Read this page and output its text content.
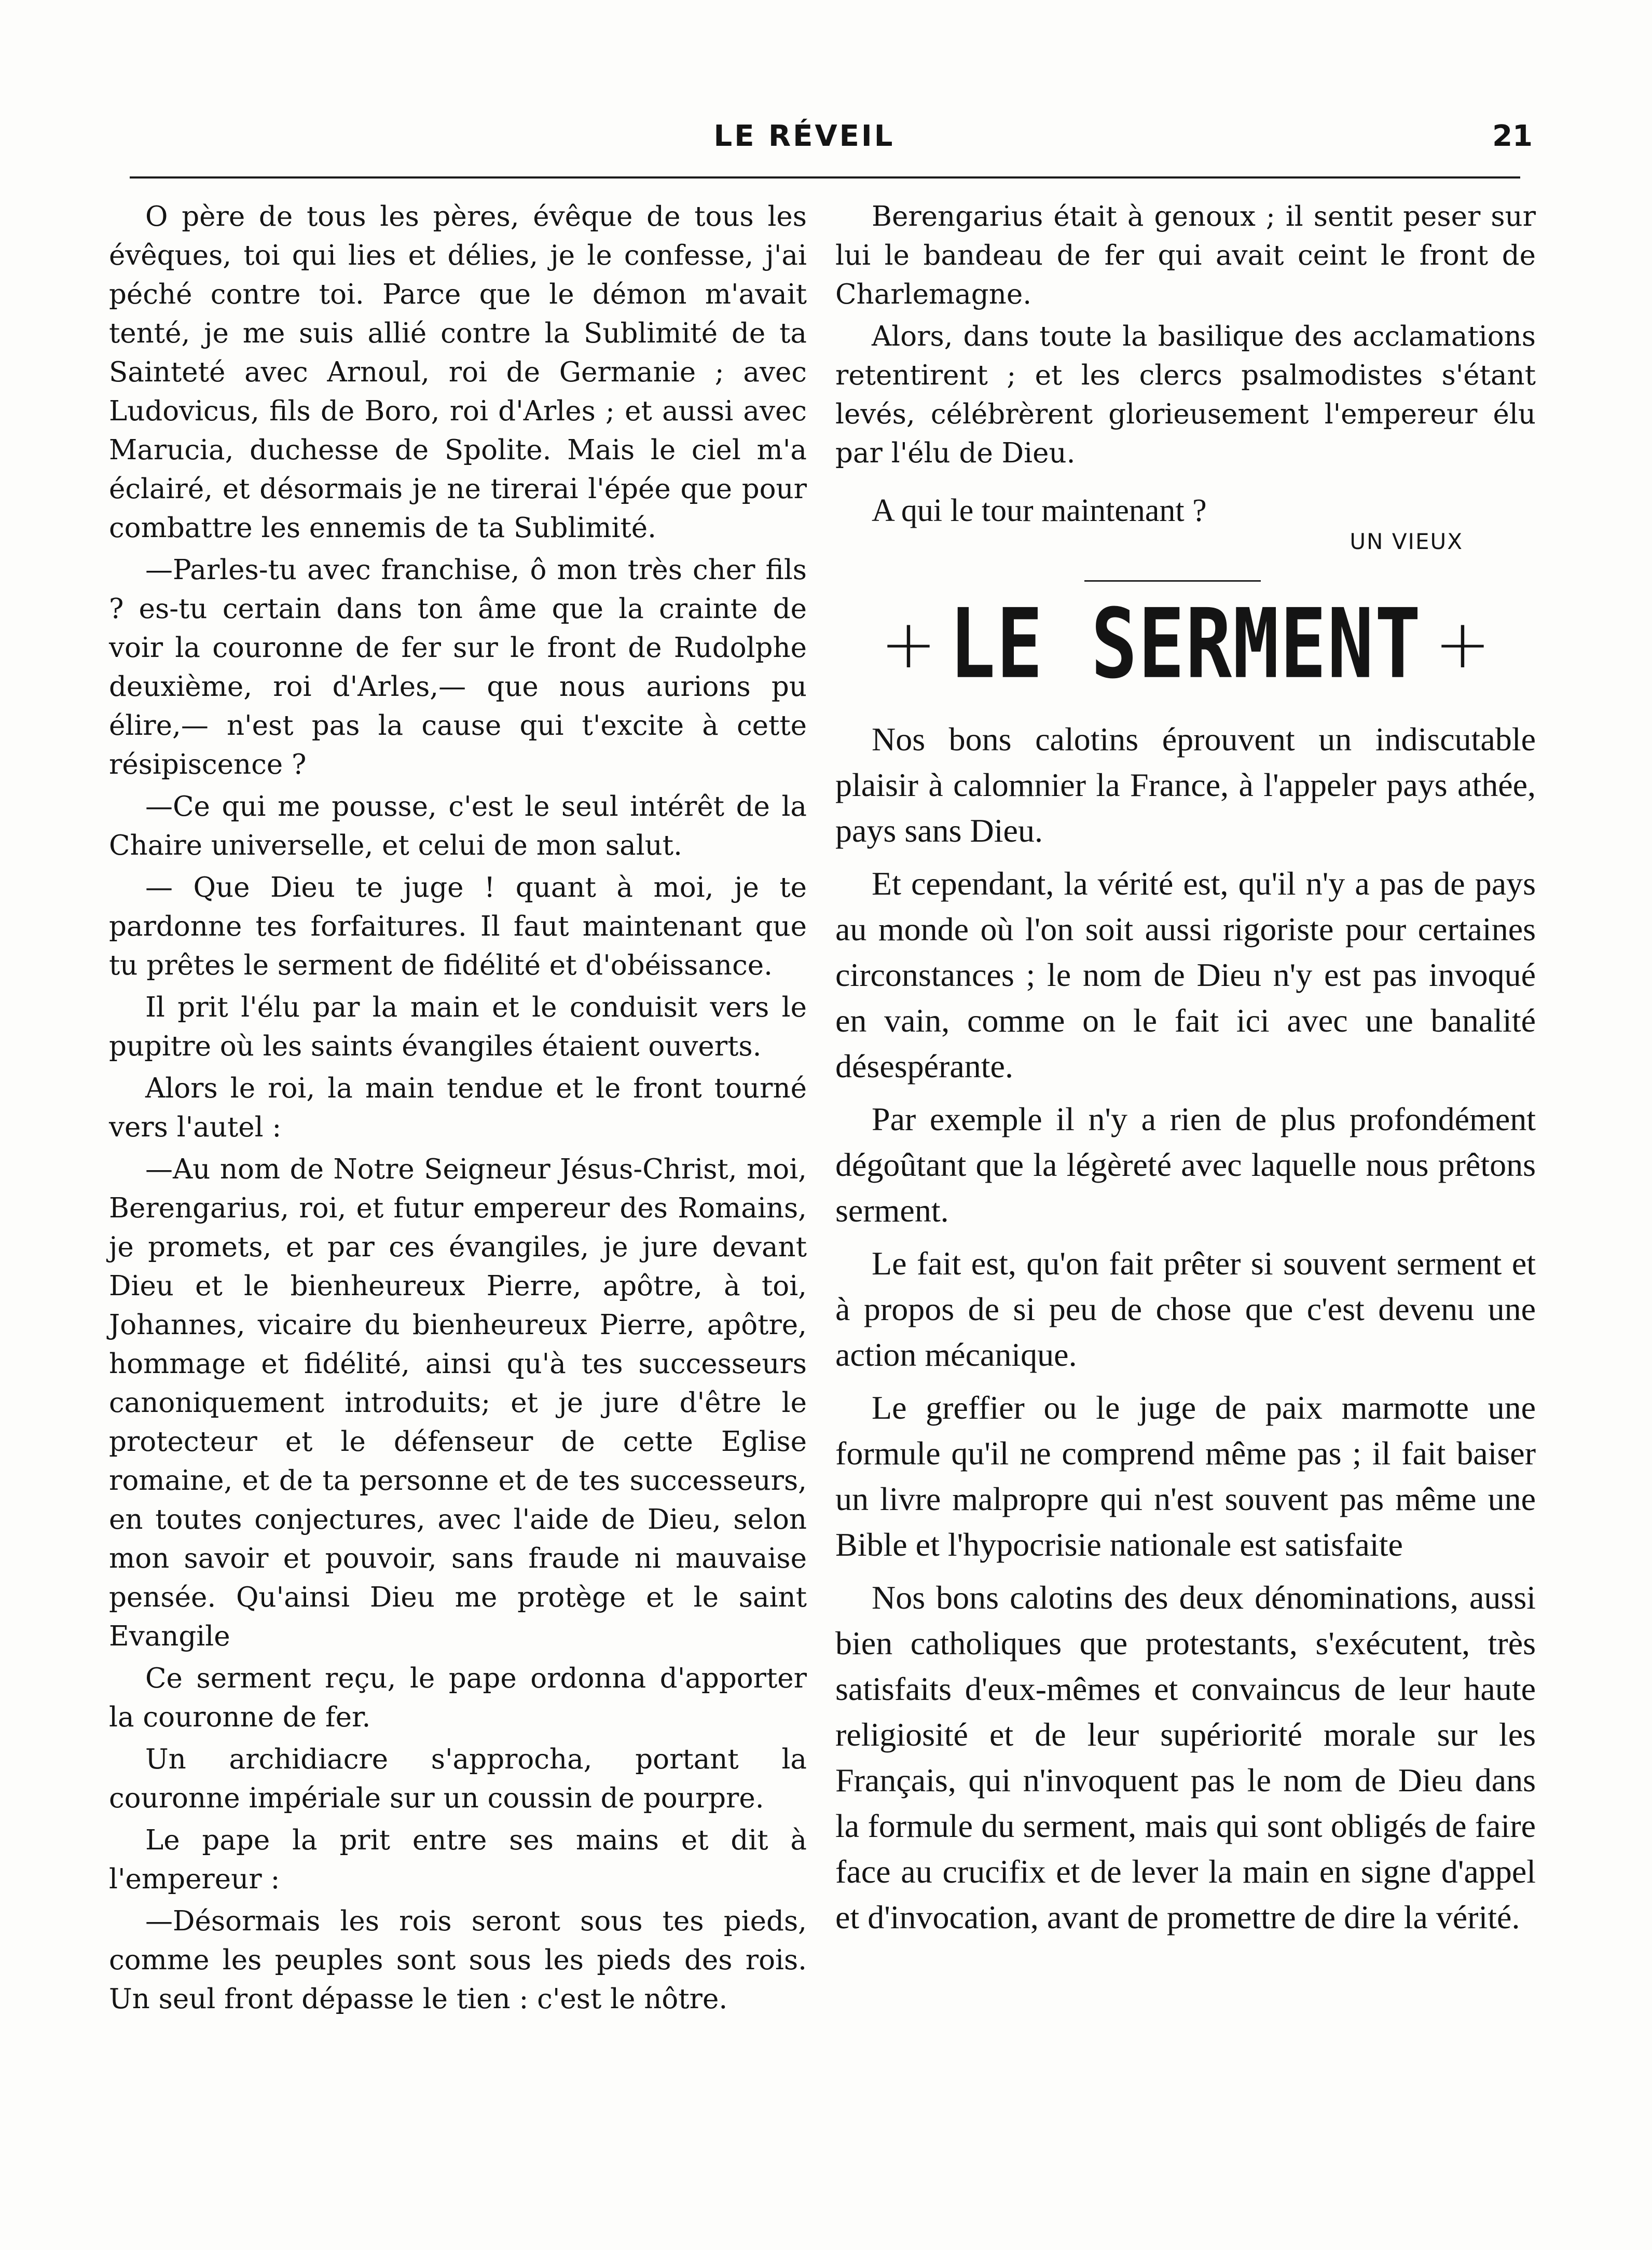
LE RÉVEIL	21

O père de tous les pères, évêque de tous les évêques, toi qui lies et délies, je le confesse, j'ai péché contre toi. Parce que le démon m'avait tenté, je me suis allié contre la Sublimité de ta Sainteté avec Arnoul, roi de Germanie ; avec Ludovicus, fils de Boro, roi d'Arles ; et aussi avec Marucia, duchesse de Spolite. Mais le ciel m'a éclairé, et désormais je ne tirerai l'épée que pour combattre les ennemis de ta Sublimité.

—Parles-tu avec franchise, ô mon très cher fils ? es-tu certain dans ton âme que la crainte de voir la couronne de fer sur le front de Rudolphe deuxième, roi d'Arles,— que nous aurions pu élire,— n'est pas la cause qui t'excite à cette résipiscence ?

—Ce qui me pousse, c'est le seul intérêt de la Chaire universelle, et celui de mon salut.

— Que Dieu te juge ! quant à moi, je te pardonne tes forfaitures. Il faut maintenant que tu prêtes le serment de fidélité et d'obéissance.

Il prit l'élu par la main et le conduisit vers le pupitre où les saints évangiles étaient ouverts.

Alors le roi, la main tendue et le front tourné vers l'autel :

—Au nom de Notre Seigneur Jésus-Christ, moi, Berengarius, roi, et futur empereur des Romains, je promets, et par ces évangiles, je jure devant Dieu et le bienheureux Pierre, apôtre, à toi, Johannes, vicaire du bienheureux Pierre, apôtre, hommage et fidélité, ainsi qu'à tes successeurs canoniquement introduits; et je jure d'être le protecteur et le défenseur de cette Eglise romaine, et de ta personne et de tes successeurs, en toutes conjectures, avec l'aide de Dieu, selon mon savoir et pouvoir, sans fraude ni mauvaise pensée. Qu'ainsi Dieu me protège et le saint Evangile

Ce serment reçu, le pape ordonna d'apporter la couronne de fer.

Un archidiacre s'approcha, portant la couronne impériale sur un coussin de pourpre.

Le pape la prit entre ses mains et dit à l'empereur :

—Désormais les rois seront sous tes pieds, comme les peuples sont sous les pieds des rois. Un seul front dépasse le tien : c'est le nôtre.

Berengarius était à genoux ; il sentit peser sur lui le bandeau de fer qui avait ceint le front de Charlemagne.

Alors, dans toute la basilique des acclamations retentirent ; et les clercs psalmodistes s'étant levés, célébrèrent glorieusement l'empereur élu par l'élu de Dieu.

A qui le tour maintenant ?
UN VIEUX
+ LE SERMENT +

Nos bons calotins éprouvent un indiscutable plaisir à calomnier la France, à l'appeler pays athée, pays sans Dieu.

Et cependant, la vérité est, qu'il n'y a pas de pays au monde où l'on soit aussi rigoriste pour certaines circonstances ; le nom de Dieu n'y est pas invoqué en vain, comme on le fait ici avec une banalité désespérante.

Par exemple il n'y a rien de plus profondément dégoûtant que la légèreté avec laquelle nous prêtons serment.

Le fait est, qu'on fait prêter si souvent serment et à propos de si peu de chose que c'est devenu une action mécanique.

Le greffier ou le juge de paix marmotte une formule qu'il ne comprend même pas ; il fait baiser un livre malpropre qui n'est souvent pas même une Bible et l'hypocrisie nationale est satisfaite

Nos bons calotins des deux dénominations, aussi bien catholiques que protestants, s'exécutent, très satisfaits d'eux-mêmes et convaincus de leur haute religiosité et de leur supériorité morale sur les Français, qui n'invoquent pas le nom de Dieu dans la formule du serment, mais qui sont obligés de faire face au crucifix et de lever la main en signe d'appel et d'invocation, avant de promettre de dire la vérité.
